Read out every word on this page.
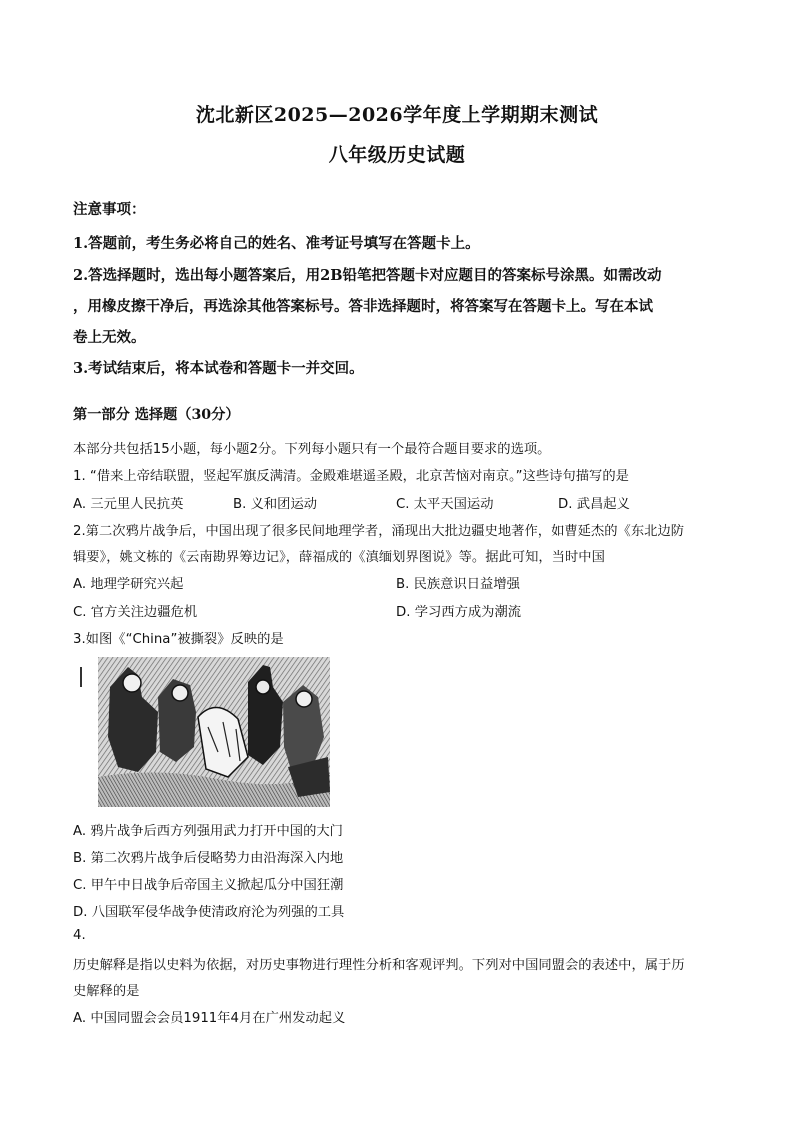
沈北新区2025—2026学年度上学期期末测试
八年级历史试题
注意事项：
1.答题前，考生务必将自己的姓名、准考证号填写在答题卡上。
2.答选择题时，选出每小题答案后，用2B铅笔把答题卡对应题目的答案标号涂黑。如需改动
，用橡皮擦干净后，再选涂其他答案标号。答非选择题时，将答案写在答题卡上。写在本试
卷上无效。
3.考试结束后，将本试卷和答题卡一并交回。
第一部分 选择题（30分）
本部分共包括15小题，每小题2分。下列每小题只有一个最符合题目要求的选项。
1. “借来上帝结联盟，竖起军旗反满清。金殿难堪遥圣殿，北京苦恼对南京。”这些诗句描写的是
A. 三元里人民抗英	B. 义和团运动	C. 太平天国运动	D. 武昌起义
2.第二次鸦片战争后，中国出现了很多民间地理学者，涌现出大批边疆史地著作，如曹延杰的《东北边防
辑要》，姚文栋的《云南勘界筹边记》，薛福成的《滇缅划界图说》等。据此可知，当时中国
A. 地理学研究兴起	B. 民族意识日益增强
C. 官方关注边疆危机	D. 学习西方成为潮流
3.如图《“China”被撕裂》反映的是
A. 鸦片战争后西方列强用武力打开中国的大门
B. 第二次鸦片战争后侵略势力由沿海深入内地
C. 甲午中日战争后帝国主义掀起瓜分中国狂潮
D. 八国联军侵华战争使清政府沦为列强的工具
4.
历史解释是指以史料为依据，对历史事物进行理性分析和客观评判。下列对中国同盟会的表述中，属于历
史解释的是
A. 中国同盟会会员1911年4月在广州发动起义
